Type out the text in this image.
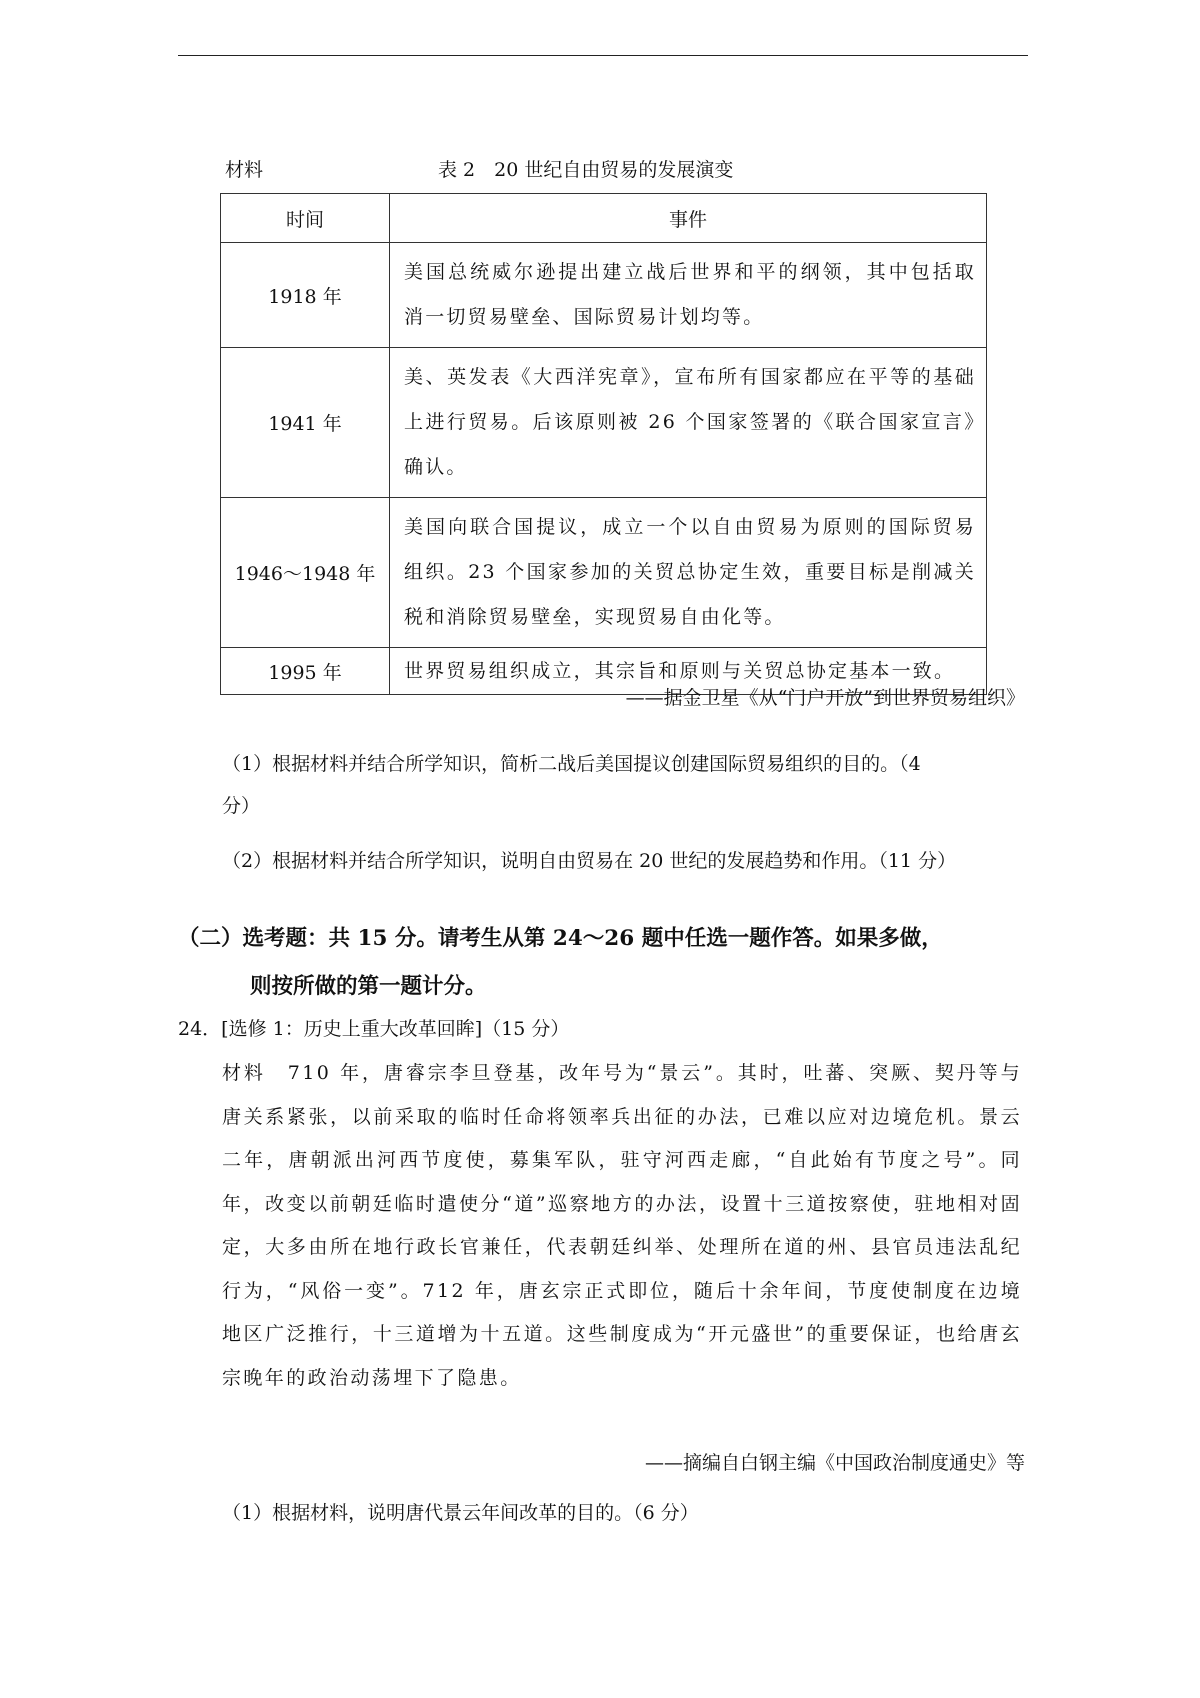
材料	表 2　20 世纪自由贸易的发展演变
时间	事件
1918 年	美国总统威尔逊提出建立战后世界和平的纲领，其中包括取消一切贸易壁垒、国际贸易计划均等。
1941 年	美、英发表《大西洋宪章》，宣布所有国家都应在平等的基础上进行贸易。后该原则被 26 个国家签署的《联合国家宣言》确认。
1946～1948 年	美国向联合国提议，成立一个以自由贸易为原则的国际贸易组织。23 个国家参加的关贸总协定生效，重要目标是削减关税和消除贸易壁垒，实现贸易自由化等。
1995 年	世界贸易组织成立，其宗旨和原则与关贸总协定基本一致。
——据金卫星《从“门户开放”到世界贸易组织》
（1）根据材料并结合所学知识，简析二战后美国提议创建国际贸易组织的目的。（4
分）
（2）根据材料并结合所学知识，说明自由贸易在 20 世纪的发展趋势和作用。（11 分）
（二）选考题：共 15 分。请考生从第 24～26 题中任选一题作答。如果多做，
则按所做的第一题计分。
24．[选修 1：历史上重大改革回眸]（15 分）
材料　710 年，唐睿宗李旦登基，改年号为“景云”。其时，吐蕃、突厥、契丹等与唐关系紧张，以前采取的临时任命将领率兵出征的办法，已难以应对边境危机。景云二年，唐朝派出河西节度使，募集军队，驻守河西走廊，“自此始有节度之号”。同年，改变以前朝廷临时遣使分“道”巡察地方的办法，设置十三道按察使，驻地相对固定，大多由所在地行政长官兼任，代表朝廷纠举、处理所在道的州、县官员违法乱纪行为，“风俗一变”。712 年，唐玄宗正式即位，随后十余年间，节度使制度在边境地区广泛推行，十三道增为十五道。这些制度成为“开元盛世”的重要保证，也给唐玄宗晚年的政治动荡埋下了隐患。
——摘编自白钢主编《中国政治制度通史》等
（1）根据材料，说明唐代景云年间改革的目的。（6 分）
